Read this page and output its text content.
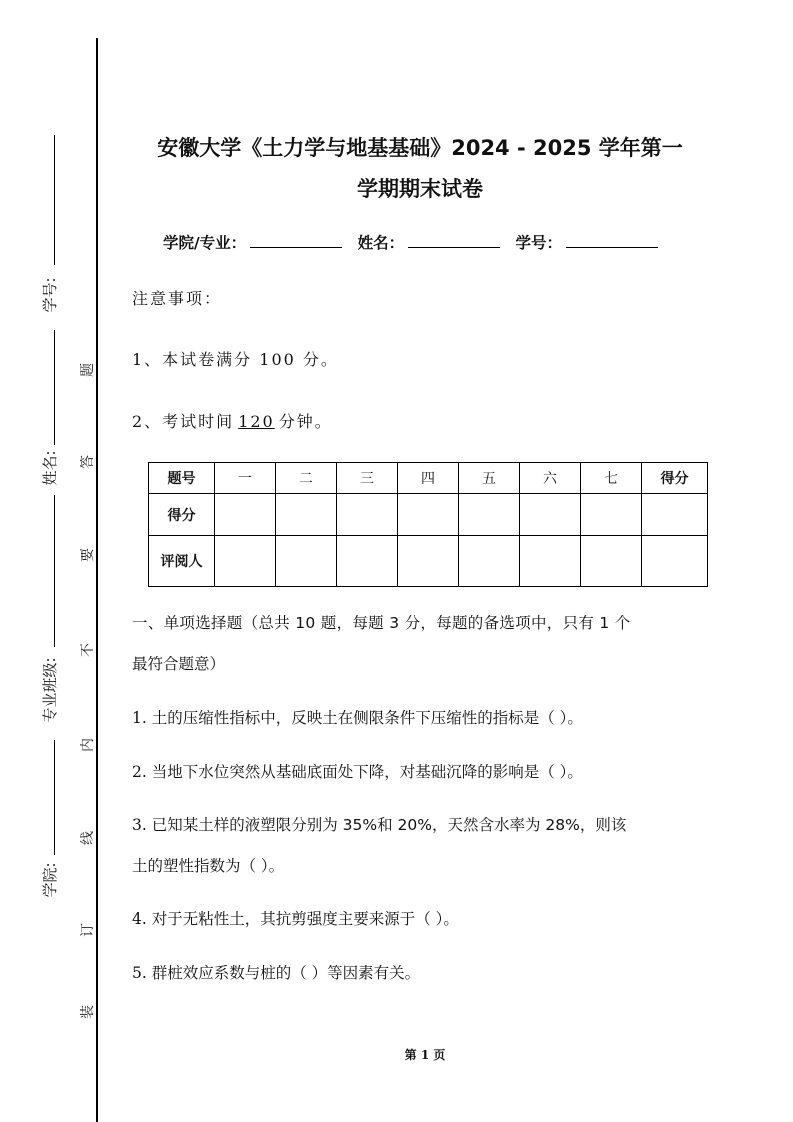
学号:
姓名:
专业班级:
学院:
题
答
要
不
内
线
订
装
安徽大学《土力学与地基基础》2024 - 2025 学年第一
学期期末试卷
学院/专业：	姓名：	学号：
注意事项：
1、本试卷满分 100 分。
2、考试时间 120 分钟。
题号	一	二	三	四	五	六	七	得分
得分								
评阅人								
一、单项选择题（总共 10 题，每题 3 分，每题的备选项中，只有 1 个
最符合题意）
1. 土的压缩性指标中，反映土在侧限条件下压缩性的指标是（ ）。
2. 当地下水位突然从基础底面处下降，对基础沉降的影响是（ ）。
3. 已知某土样的液塑限分别为 35%和 20%，天然含水率为 28%，则该
土的塑性指数为（ ）。
4. 对于无粘性土，其抗剪强度主要来源于（ ）。
5. 群桩效应系数与桩的（ ）等因素有关。
第 1 页
